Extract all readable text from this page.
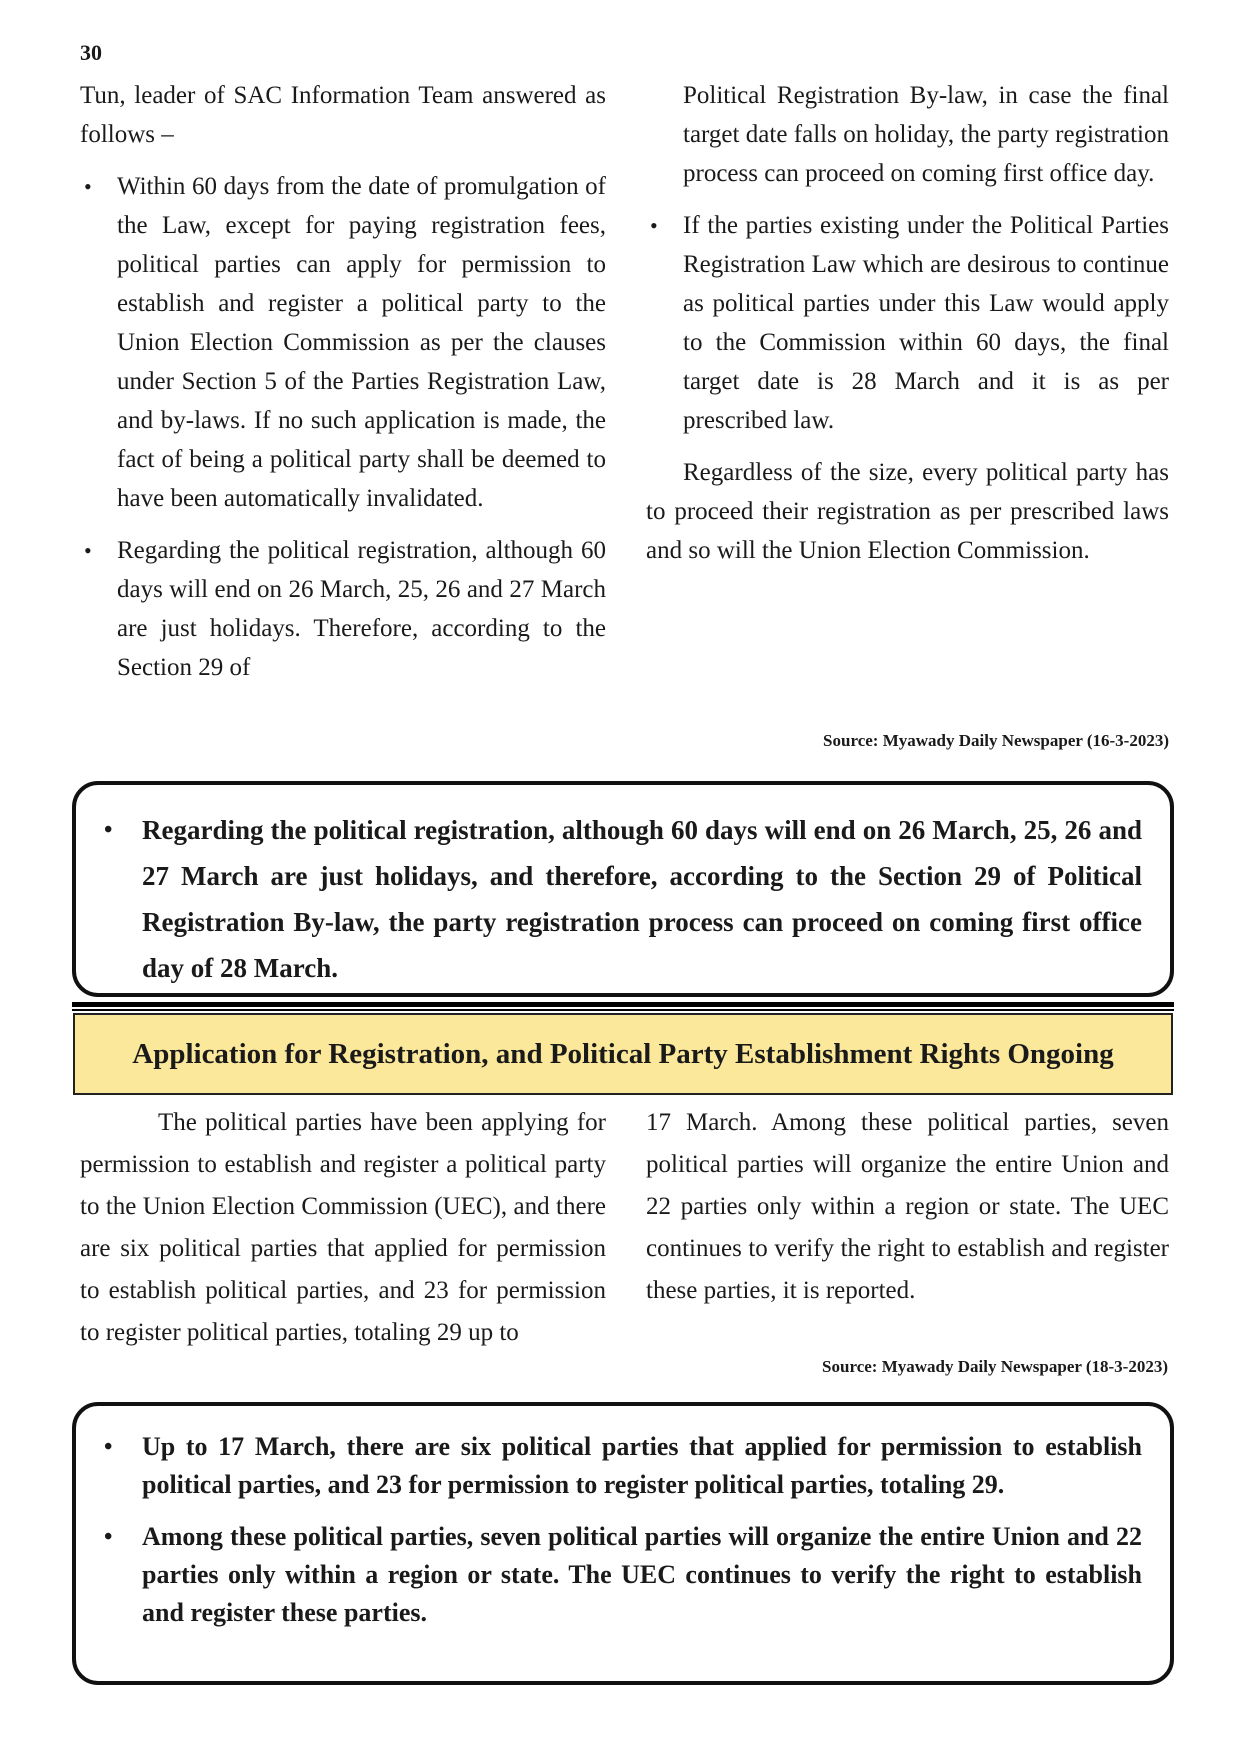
30

Tun, leader of SAC Information Team answered as follows –

• Within 60 days from the date of promulgation of the Law, except for paying registration fees, political parties can apply for permission to establish and register a political party to the Union Election Commission as per the clauses under Section 5 of the Parties Registration Law, and by-laws. If no such application is made, the fact of being a political party shall be deemed to have been automatically invalidated.
• Regarding the political registration, although 60 days will end on 26 March, 25, 26 and 27 March are just holidays. Therefore, according to the Section 29 of

Political Registration By-law, in case the final target date falls on holiday, the party registration process can proceed on coming first office day.

• If the parties existing under the Political Parties Registration Law which are desirous to continue as political parties under this Law would apply to the Commission within 60 days, the final target date is 28 March and it is as per prescribed law.

Regardless of the size, every political party has to proceed their registration as per prescribed laws and so will the Union Election Commission.

Source: Myawady Daily Newspaper (16-3-2023)
• Regarding the political registration, although 60 days will end on 26 March, 25, 26 and 27 March are just holidays, and therefore, according to the Section 29 of Political Registration By-law, the party registration process can proceed on coming first office day of 28 March.
Application for Registration, and Political Party Establishment Rights Ongoing

The political parties have been applying for permission to establish and register a political party to the Union Election Commission (UEC), and there are six political parties that applied for permission to establish political parties, and 23 for permission to register political parties, totaling 29 up to

17 March. Among these political parties, seven political parties will organize the entire Union and 22 parties only within a region or state. The UEC continues to verify the right to establish and register these parties, it is reported.

Source: Myawady Daily Newspaper (18-3-2023)
• Up to 17 March, there are six political parties that applied for permission to establish political parties, and 23 for permission to register political parties, totaling 29.
• Among these political parties, seven political parties will organize the entire Union and 22 parties only within a region or state. The UEC continues to verify the right to establish and register these parties.
